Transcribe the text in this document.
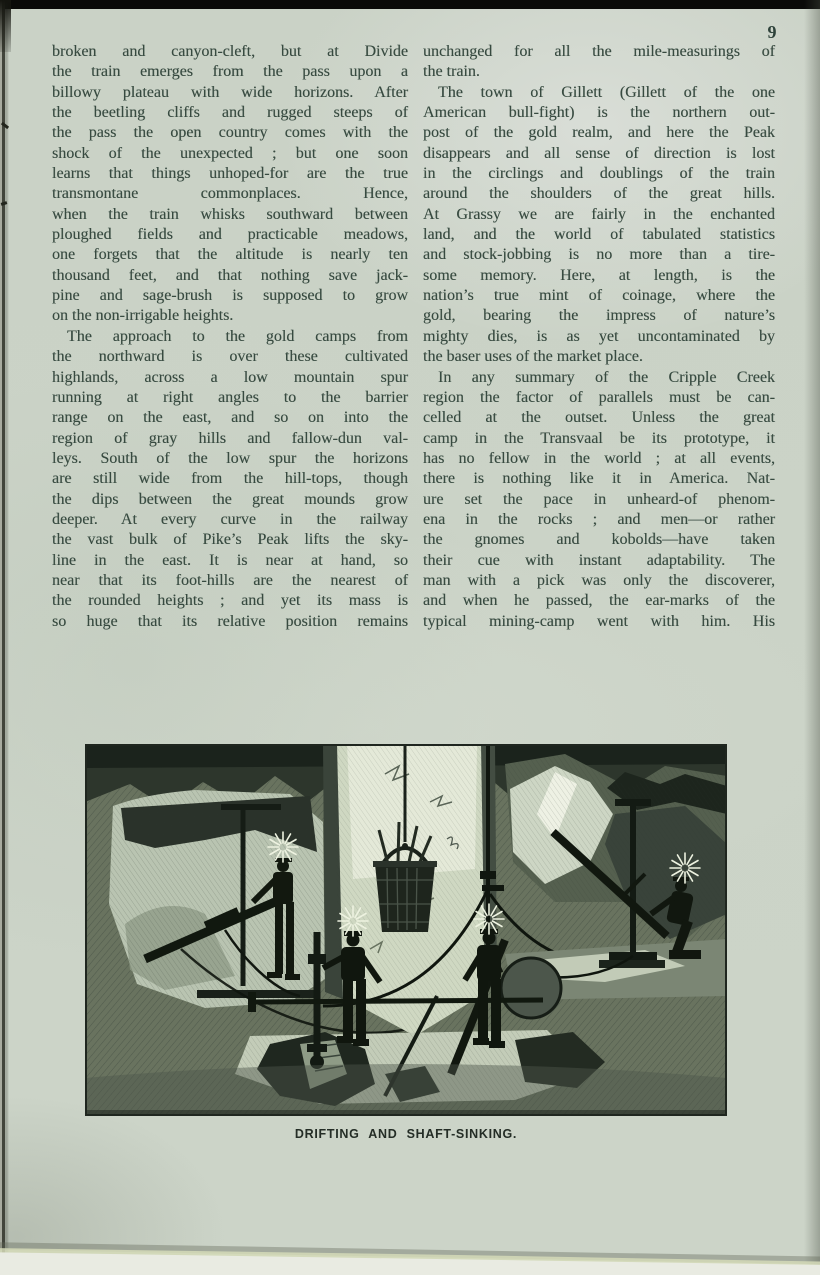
9
broken and canyon-cleft, but at Divide
the train emerges from the pass upon a
billowy plateau with wide horizons. After
the beetling cliffs and rugged steeps of
the pass the open country comes with the
shock of the unexpected ; but one soon
learns that things unhoped-for are the true
transmontane commonplaces. Hence,
when the train whisks southward between
ploughed fields and practicable meadows,
one forgets that the altitude is nearly ten
thousand feet, and that nothing save jack-
pine and sage-brush is supposed to grow
on the non-irrigable heights.
The approach to the gold camps from
the northward is over these cultivated
highlands, across a low mountain spur
running at right angles to the barrier
range on the east, and so on into the
region of gray hills and fallow-dun val-
leys. South of the low spur the horizons
are still wide from the hill-tops, though
the dips between the great mounds grow
deeper. At every curve in the railway
the vast bulk of Pike’s Peak lifts the sky-
line in the east. It is near at hand, so
near that its foot-hills are the nearest of
the rounded heights ; and yet its mass is
so huge that its relative position remains
unchanged for all the mile-measurings of
the train.
The town of Gillett (Gillett of the one
American bull-fight) is the northern out-
post of the gold realm, and here the Peak
disappears and all sense of direction is lost
in the circlings and doublings of the train
around the shoulders of the great hills.
At Grassy we are fairly in the enchanted
land, and the world of tabulated statistics
and stock-jobbing is no more than a tire-
some memory. Here, at length, is the
nation’s true mint of coinage, where the
gold, bearing the impress of nature’s
mighty dies, is as yet uncontaminated by
the baser uses of the market place.
In any summary of the Cripple Creek
region the factor of parallels must be can-
celled at the outset. Unless the great
camp in the Transvaal be its prototype, it
has no fellow in the world ; at all events,
there is nothing like it in America. Nat-
ure set the pace in unheard-of phenom-
ena in the rocks ; and men—or rather
the gnomes and kobolds—have taken
their cue with instant adaptability. The
man with a pick was only the discoverer,
and when he passed, the ear-marks of the
typical mining-camp went with him. His
DRIFTING AND SHAFT-SINKING.
